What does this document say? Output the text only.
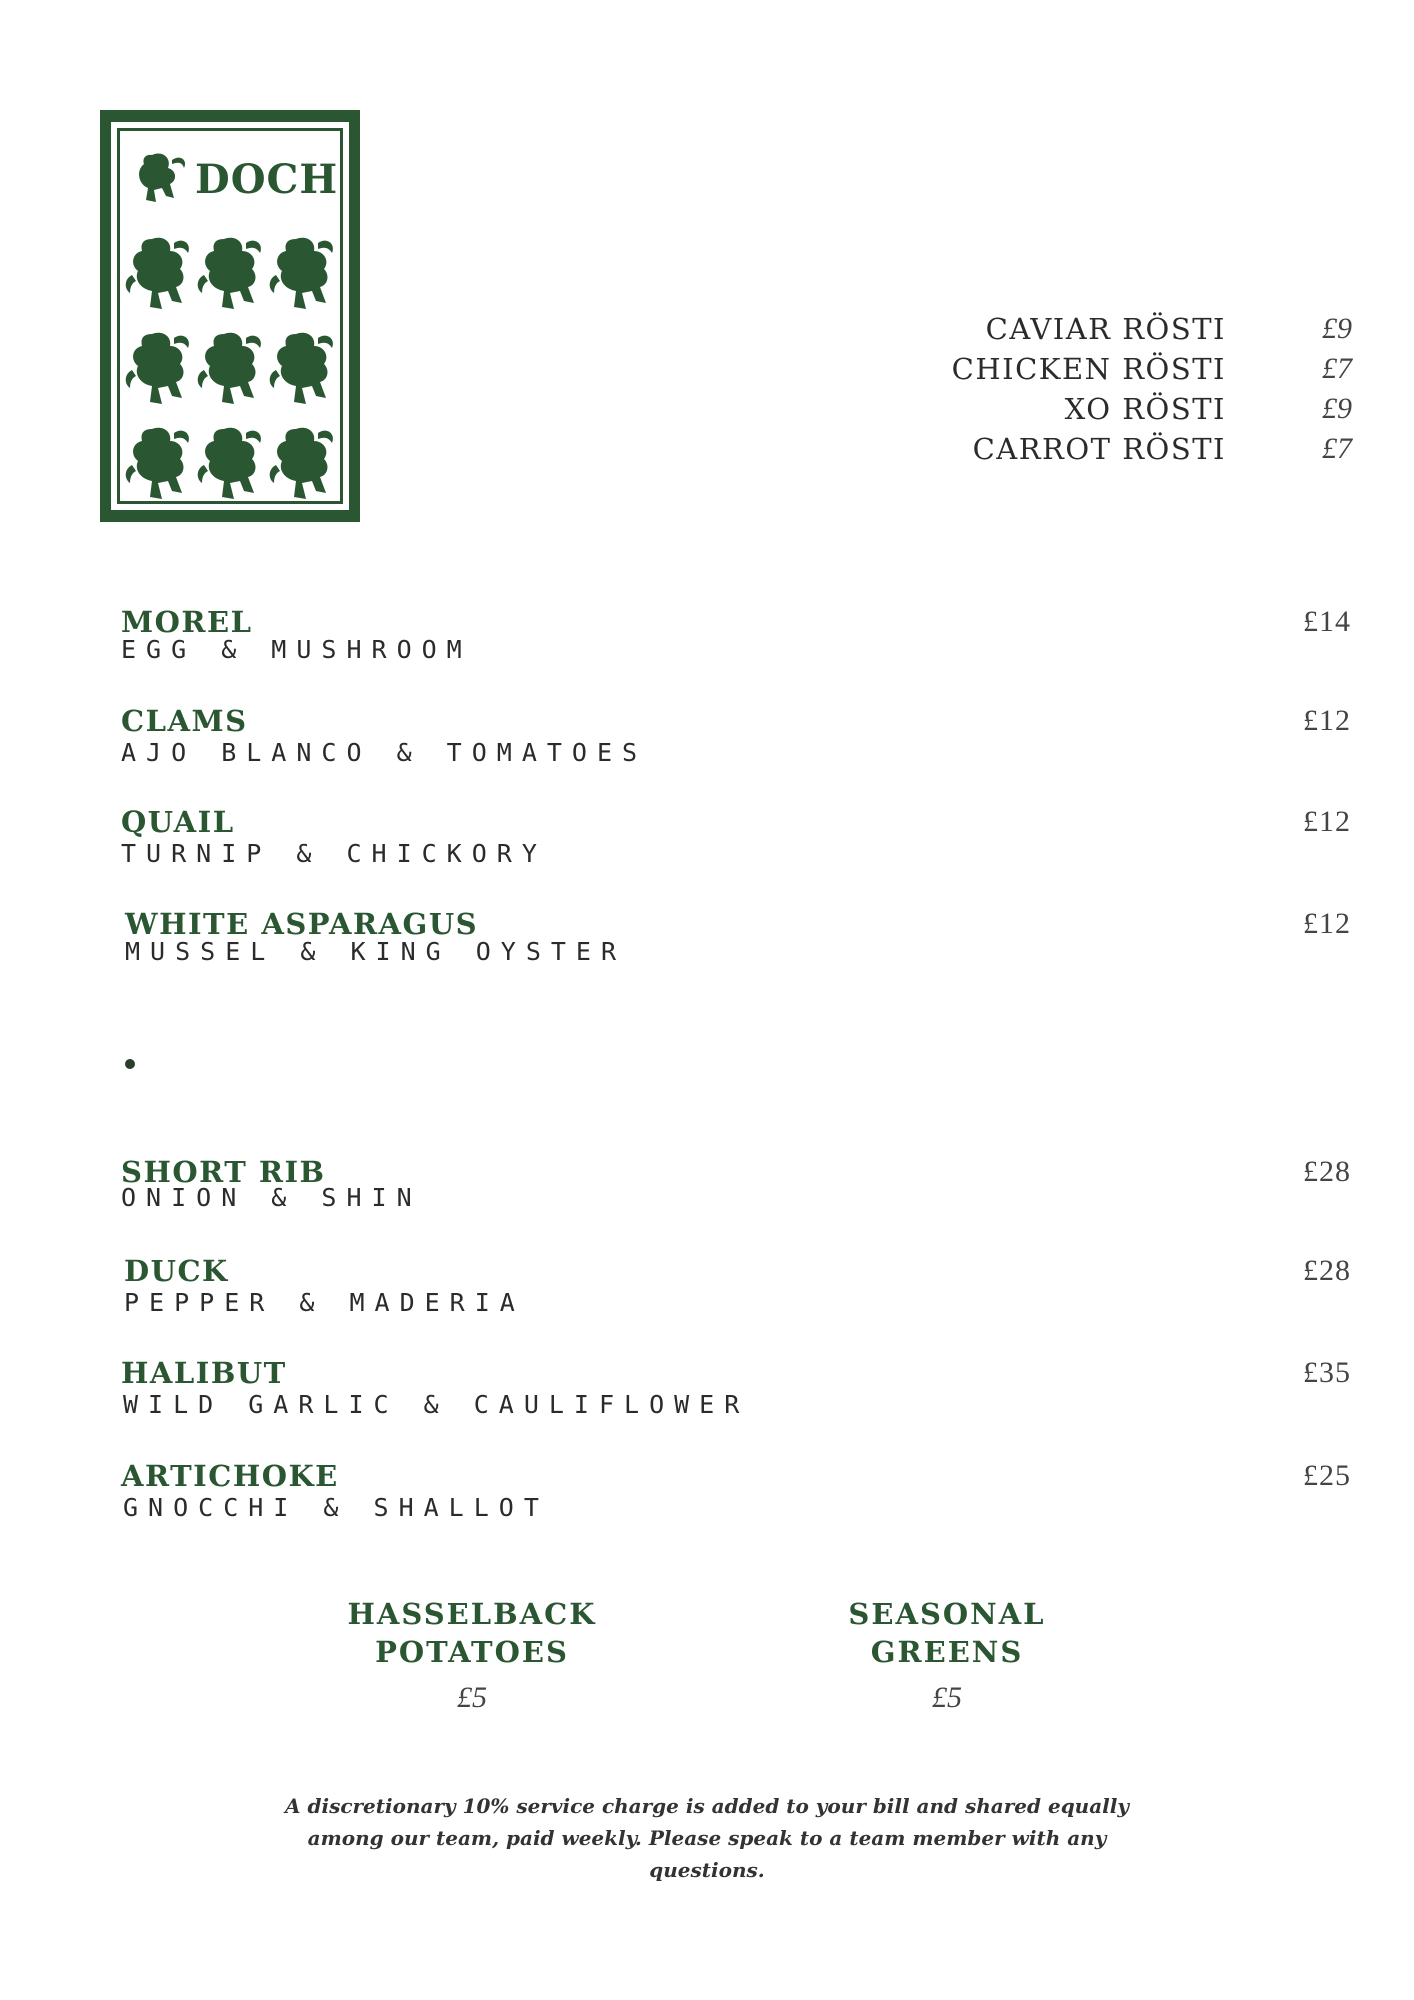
DOCH
CAVIAR RÖSTI	£9
CHICKEN RÖSTI	£7
XO RÖSTI	£9
CARROT RÖSTI	£7
MOREL
EGG & MUSHROOM
£14
CLAMS
AJO BLANCO & TOMATOES
£12
QUAIL
TURNIP & CHICKORY
£12
WHITE ASPARAGUS
MUSSEL & KING OYSTER
£12
SHORT RIB
ONION & SHIN
£28
DUCK
PEPPER & MADERIA
£28
HALIBUT
WILD GARLIC & CAULIFLOWER
£35
ARTICHOKE
GNOCCHI & SHALLOT
£25
HASSELBACK
POTATOES
£5
SEASONAL
GREENS
£5
A discretionary 10% service charge is added to your bill and shared equally among our team, paid weekly. Please speak to a team member with any questions.
